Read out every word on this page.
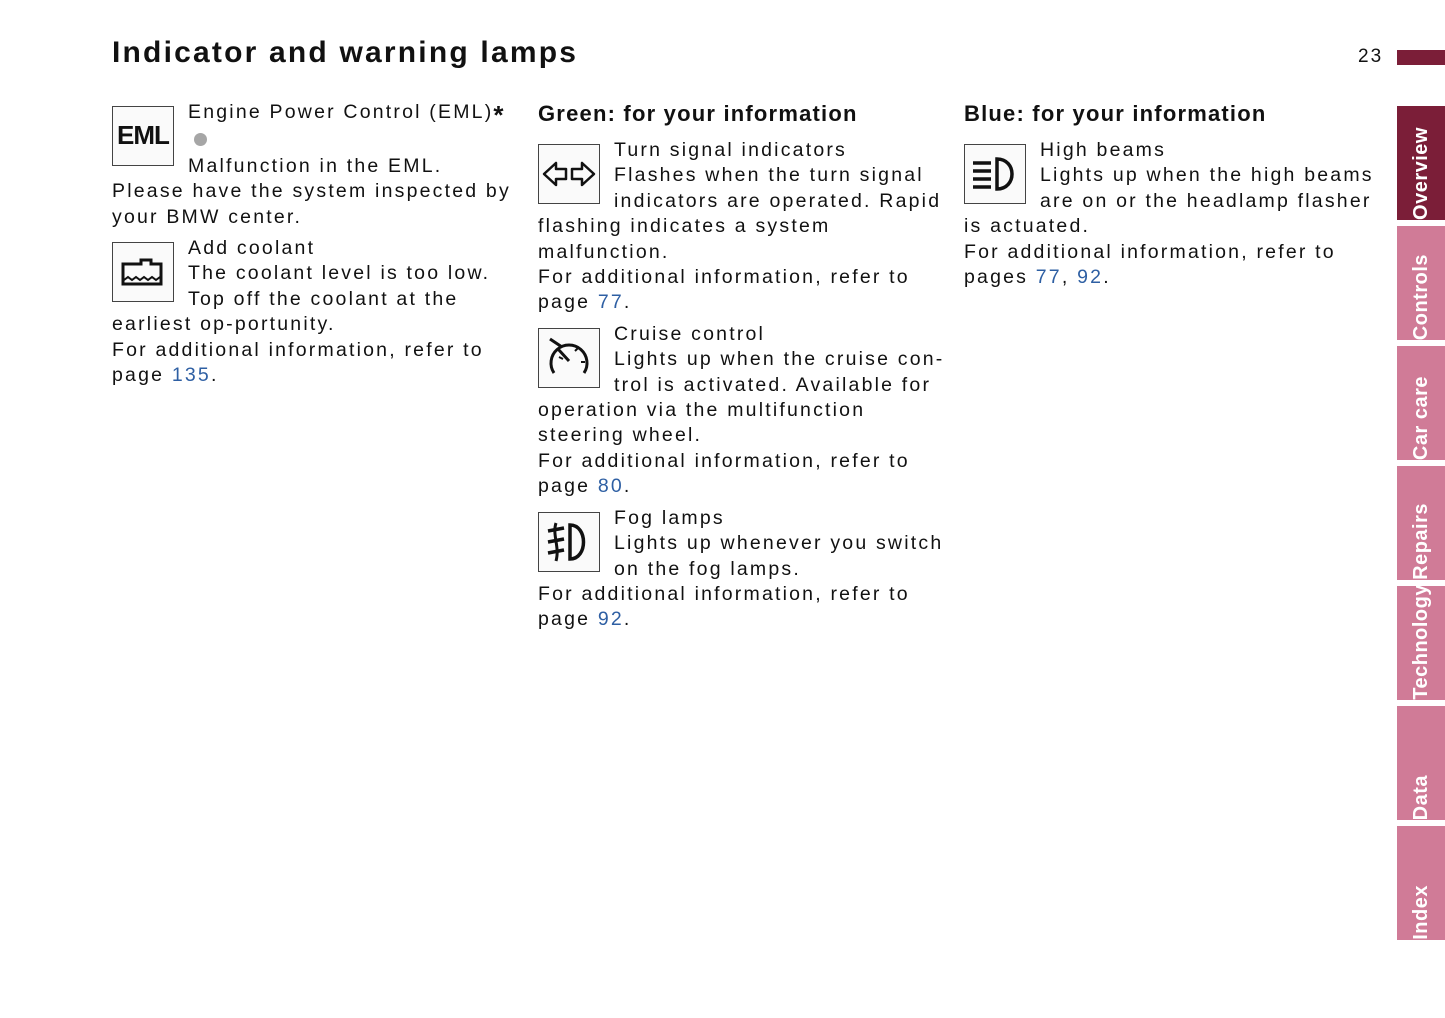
Indicator and warning lamps	23
EML
Engine Power Control (EML)*
Malfunction in the EML. Please have the system inspected by your BMW center.
Add coolant
The coolant level is too low. Top off the coolant at the earliest op-portunity.
For additional information, refer to page 135.
Green: for your information
Turn signal indicators
Flashes when the turn signal indicators are operated. Rapid flashing indicates a system malfunction.
For additional information, refer to page 77.
Cruise control
Lights up when the cruise con-trol is activated. Available for operation via the multifunction steering wheel.
For additional information, refer to page 80.
Fog lamps
Lights up whenever you switch on the fog lamps.
For additional information, refer to page 92.
Blue: for your information
High beams
Lights up when the high beams are on or the headlamp flasher is actuated.
For additional information, refer to pages 77, 92.
Overview
Controls
Car care
Repairs
Technology
Data
Index
